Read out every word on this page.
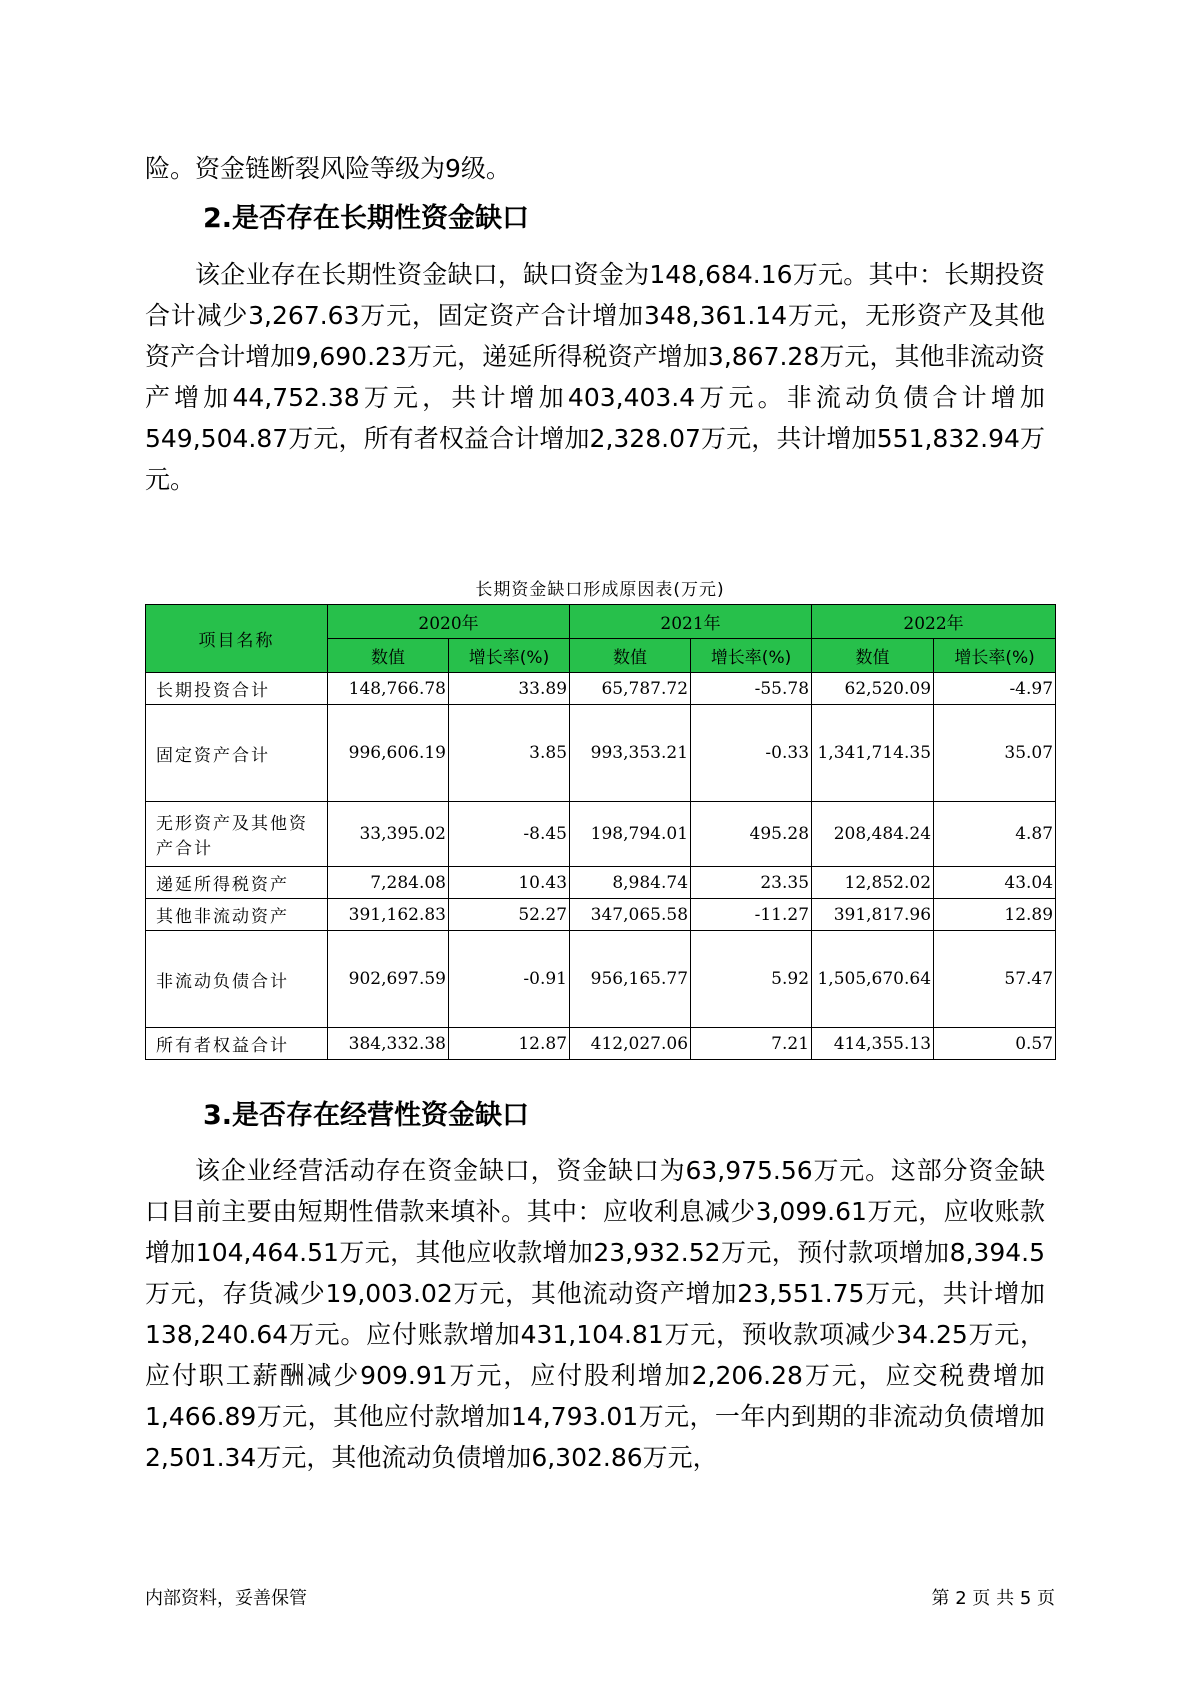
险。资金链断裂风险等级为9级。

2.是否存在长期性资金缺口

该企业存在长期性资金缺口，缺口资金为148,684.16万元。其中：长期投资合计减少3,267.63万元，固定资产合计增加348,361.14万元，无形资产及其他资产合计增加9,690.23万元，递延所得税资产增加3,867.28万元，其他非流动资产增加44,752.38万元，共计增加403,403.4万元。非流动负债合计增加549,504.87万元，所有者权益合计增加2,328.07万元，共计增加551,832.94万元。

长期资金缺口形成原因表(万元)
项目名称	2020年		2021年		2022年	
	数值	增长率(%)	数值	增长率(%)	数值	增长率(%)
长期投资合计	148,766.78	33.89	65,787.72	-55.78	62,520.09	-4.97
固定资产合计	996,606.19	3.85	993,353.21	-0.33	1,341,714.35	35.07
无形资产及其他资产合计	33,395.02	-8.45	198,794.01	495.28	208,484.24	4.87
递延所得税资产	7,284.08	10.43	8,984.74	23.35	12,852.02	43.04
其他非流动资产	391,162.83	52.27	347,065.58	-11.27	391,817.96	12.89
非流动负债合计	902,697.59	-0.91	956,165.77	5.92	1,505,670.64	57.47
所有者权益合计	384,332.38	12.87	412,027.06	7.21	414,355.13	0.57
3.是否存在经营性资金缺口

该企业经营活动存在资金缺口，资金缺口为63,975.56万元。这部分资金缺口目前主要由短期性借款来填补。其中：应收利息减少3,099.61万元，应收账款增加104,464.51万元，其他应收款增加23,932.52万元，预付款项增加8,394.5万元，存货减少19,003.02万元，其他流动资产增加23,551.75万元，共计增加138,240.64万元。应付账款增加431,104.81万元，预收款项减少34.25万元，应付职工薪酬减少909.91万元，应付股利增加2,206.28万元，应交税费增加1,466.89万元，其他应付款增加14,793.01万元，一年内到期的非流动负债增加2,501.34万元，其他流动负债增加6,302.86万元，

内部资料，妥善保管	第 2 页 共 5 页
